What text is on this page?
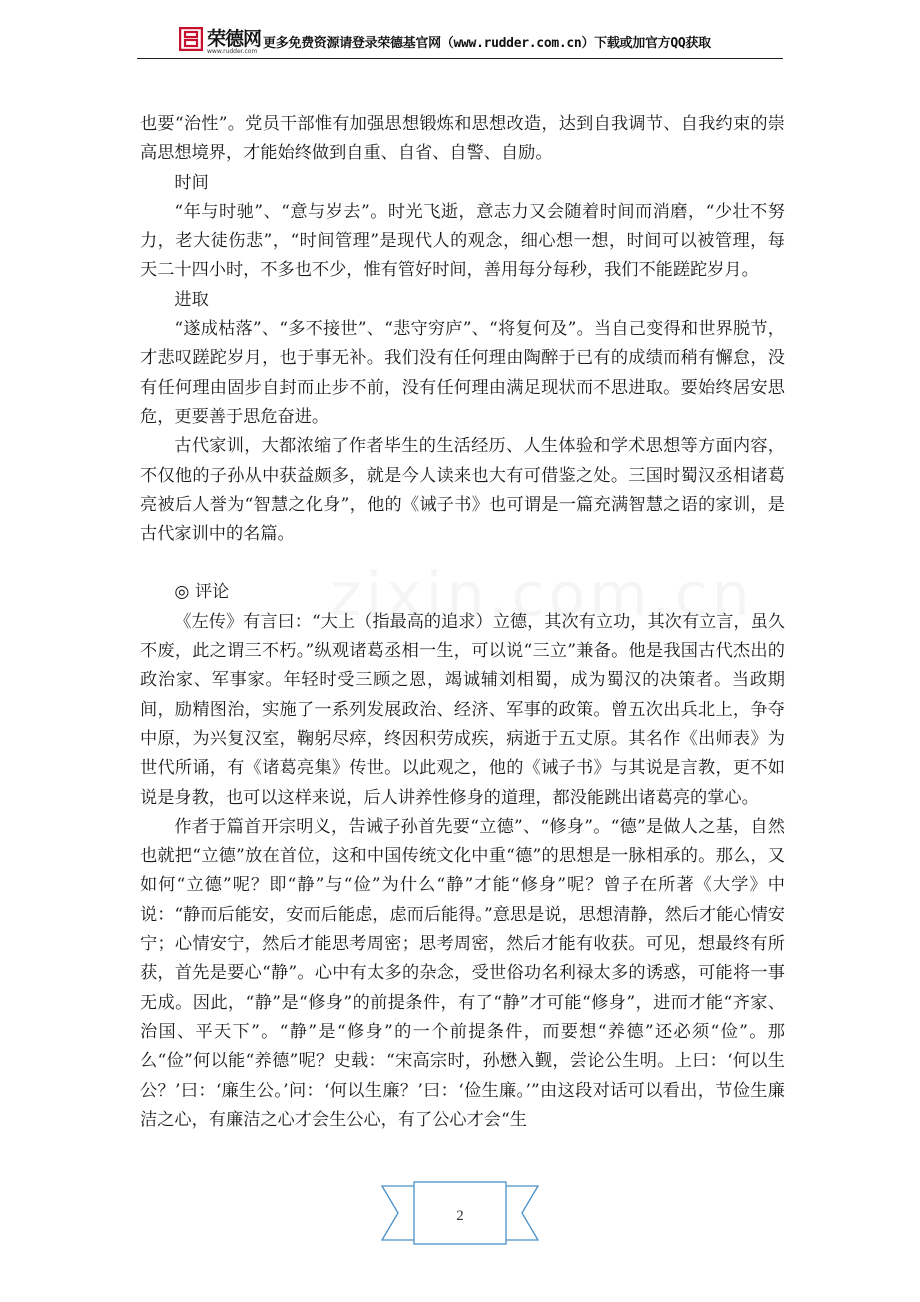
荣德网
www.rudder.com
更多免费资源请登录荣德基官网（www.rudder.com.cn）下载或加官方QQ获取

也要“治性”。党员干部惟有加强思想锻炼和思想改造，达到自我调节、自我约束的崇高思想境界，才能始终做到自重、自省、自警、自励。

时间

“年与时驰”、“意与岁去”。时光飞逝，意志力又会随着时间而消磨，“少壮不努力，老大徒伤悲”，“时间管理”是现代人的观念，细心想一想，时间可以被管理，每天二十四小时，不多也不少，惟有管好时间，善用每分每秒，我们不能蹉跎岁月。

进取

“遂成枯落”、“多不接世”、“悲守穷庐”、“将复何及”。当自己变得和世界脱节，才悲叹蹉跎岁月，也于事无补。我们没有任何理由陶醉于已有的成绩而稍有懈怠，没有任何理由固步自封而止步不前，没有任何理由满足现状而不思进取。要始终居安思危，更要善于思危奋进。

古代家训，大都浓缩了作者毕生的生活经历、人生体验和学术思想等方面内容，不仅他的子孙从中获益颇多，就是今人读来也大有可借鉴之处。三国时蜀汉丞相诸葛亮被后人誉为“智慧之化身”，他的《诫子书》也可谓是一篇充满智慧之语的家训，是古代家训中的名篇。

◎ 评论

《左传》有言曰：“大上（指最高的追求）立德，其次有立功，其次有立言，虽久不废，此之谓三不朽。”纵观诸葛丞相一生，可以说“三立”兼备。他是我国古代杰出的政治家、军事家。年轻时受三顾之恩，竭诚辅刘相蜀，成为蜀汉的决策者。当政期间，励精图治，实施了一系列发展政治、经济、军事的政策。曾五次出兵北上，争夺中原，为兴复汉室，鞠躬尽瘁，终因积劳成疾，病逝于五丈原。其名作《出师表》为世代所诵，有《诸葛亮集》传世。以此观之，他的《诫子书》与其说是言教，更不如说是身教，也可以这样来说，后人讲养性修身的道理，都没能跳出诸葛亮的掌心。

作者于篇首开宗明义，告诫子孙首先要“立德”、“修身”。“德”是做人之基，自然也就把“立德”放在首位，这和中国传统文化中重“德”的思想是一脉相承的。那么，又如何“立德”呢？即“静”与“俭”为什么“静”才能“修身”呢？曾子在所著《大学》中说：“静而后能安，安而后能虑，虑而后能得。”意思是说，思想清静，然后才能心情安宁；心情安宁，然后才能思考周密；思考周密，然后才能有收获。可见，想最终有所获，首先是要心“静”。心中有太多的杂念，受世俗功名利禄太多的诱惑，可能将一事无成。因此，“静”是“修身”的前提条件，有了“静”才可能“修身”，进而才能“齐家、治国、平天下”。“静”是“修身”的一个前提条件，而要想“养德”还必须“俭”。那么“俭”何以能“养德”呢？史载：“宋高宗时，孙懋入觐，尝论公生明。上曰：‘何以生公？’曰：‘廉生公。’问：‘何以生廉？’曰：‘俭生廉。’”由这段对话可以看出，节俭生廉洁之心，有廉洁之心才会生公心，有了公心才会“生

2
